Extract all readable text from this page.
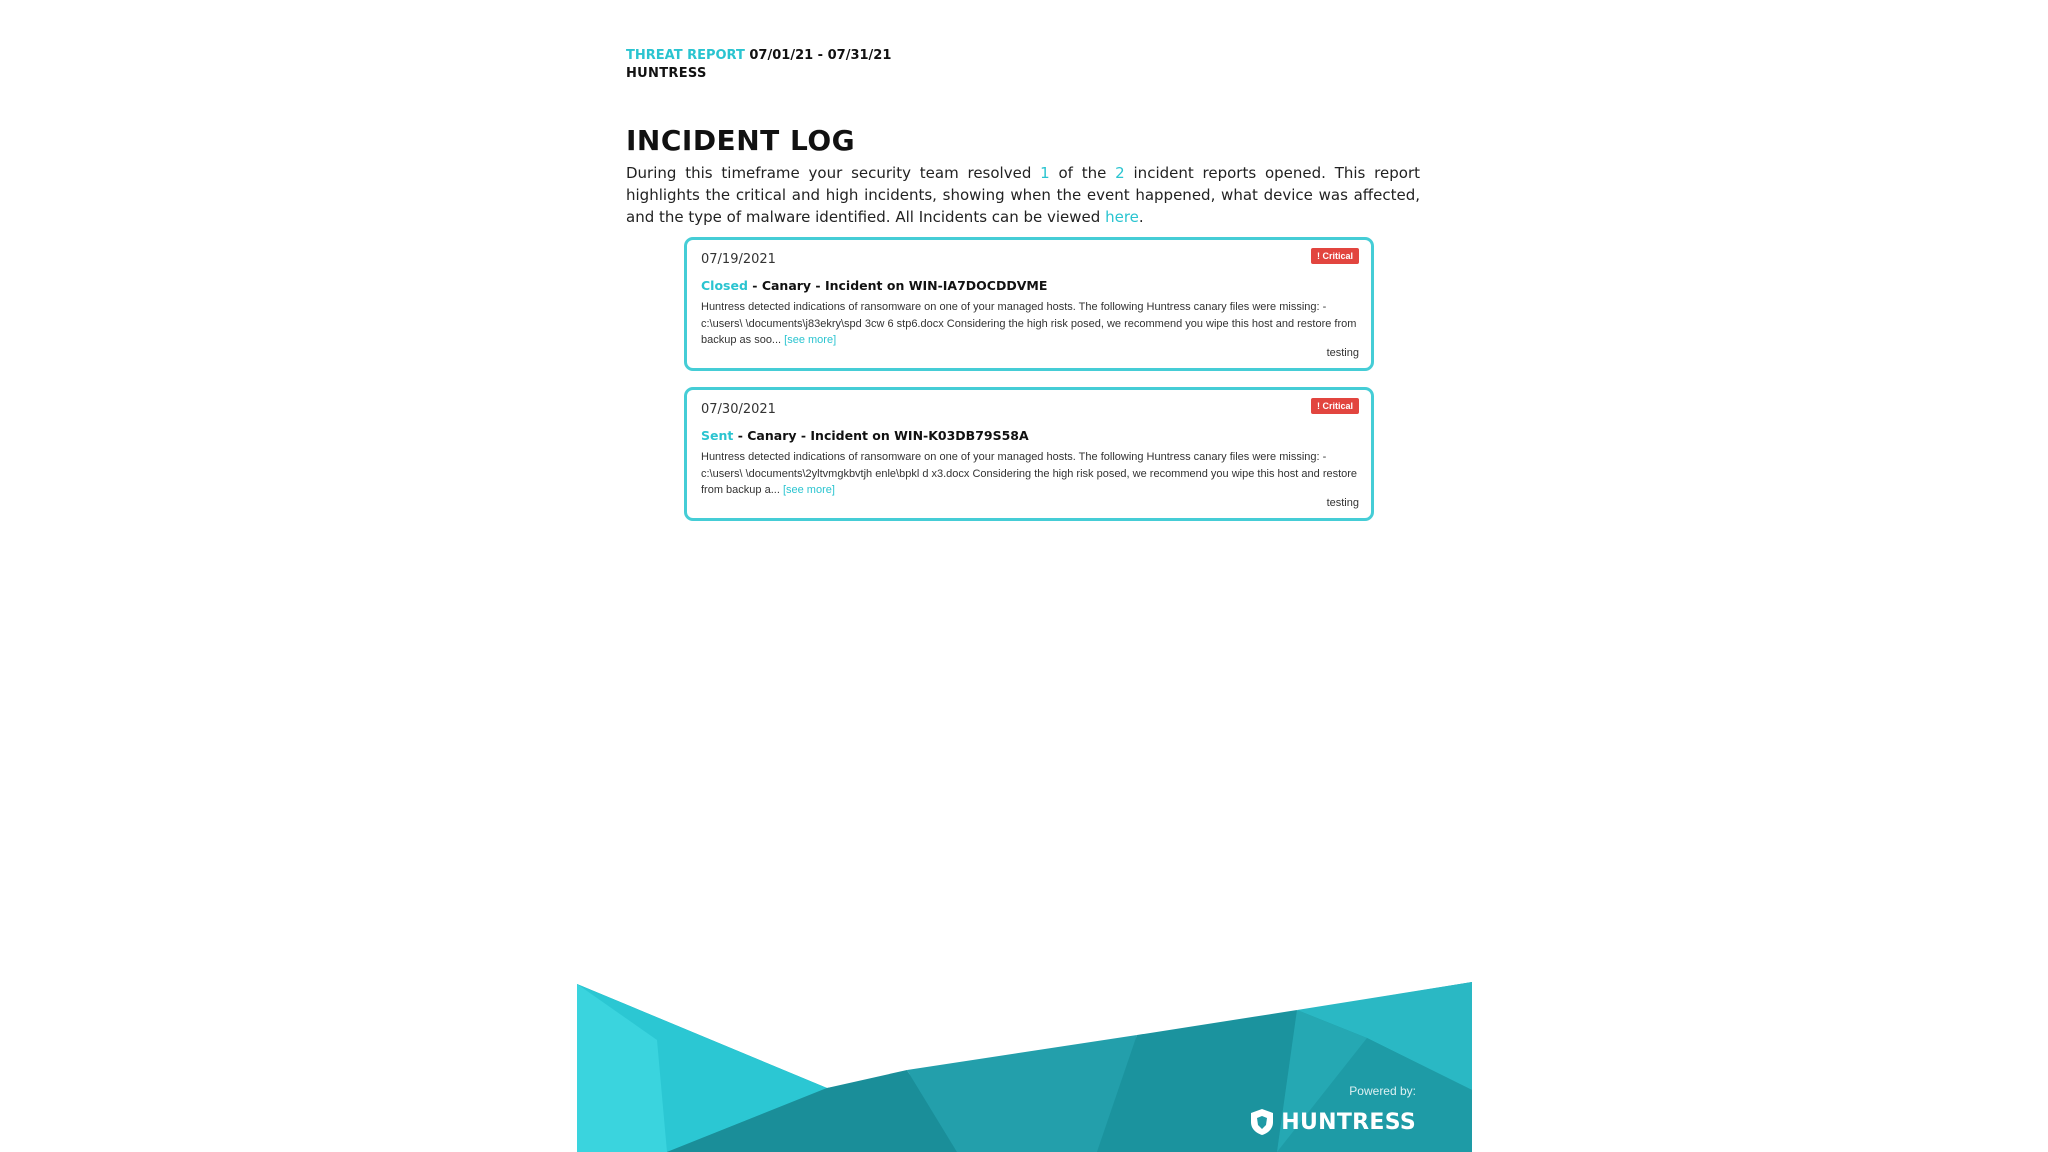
THREAT REPORT 07/01/21 - 07/31/21
HUNTRESS
INCIDENT LOG
During this timeframe your security team resolved 1 of the 2 incident reports opened. This report highlights the critical and high incidents, showing when the event happened, what device was affected, and the type of malware identified. All Incidents can be viewed here.
07/19/2021	! Critical
Closed - Canary - Incident on WIN-IA7DOCDDVME
Huntress detected indications of ransomware on one of your managed hosts. The following Huntress canary files were missing: - c:\users\ \documents\j83ekry\spd 3cw 6 stp6.docx Considering the high risk posed, we recommend you wipe this host and restore from backup as soo... [see more]
testing
07/30/2021	! Critical
Sent - Canary - Incident on WIN-K03DB79S58A
Huntress detected indications of ransomware on one of your managed hosts. The following Huntress canary files were missing: - c:\users\ \documents\2yltvmgkbvtjh enle\bpkl d x3.docx Considering the high risk posed, we recommend you wipe this host and restore from backup a... [see more]
testing
Powered by:
HUNTRESS
